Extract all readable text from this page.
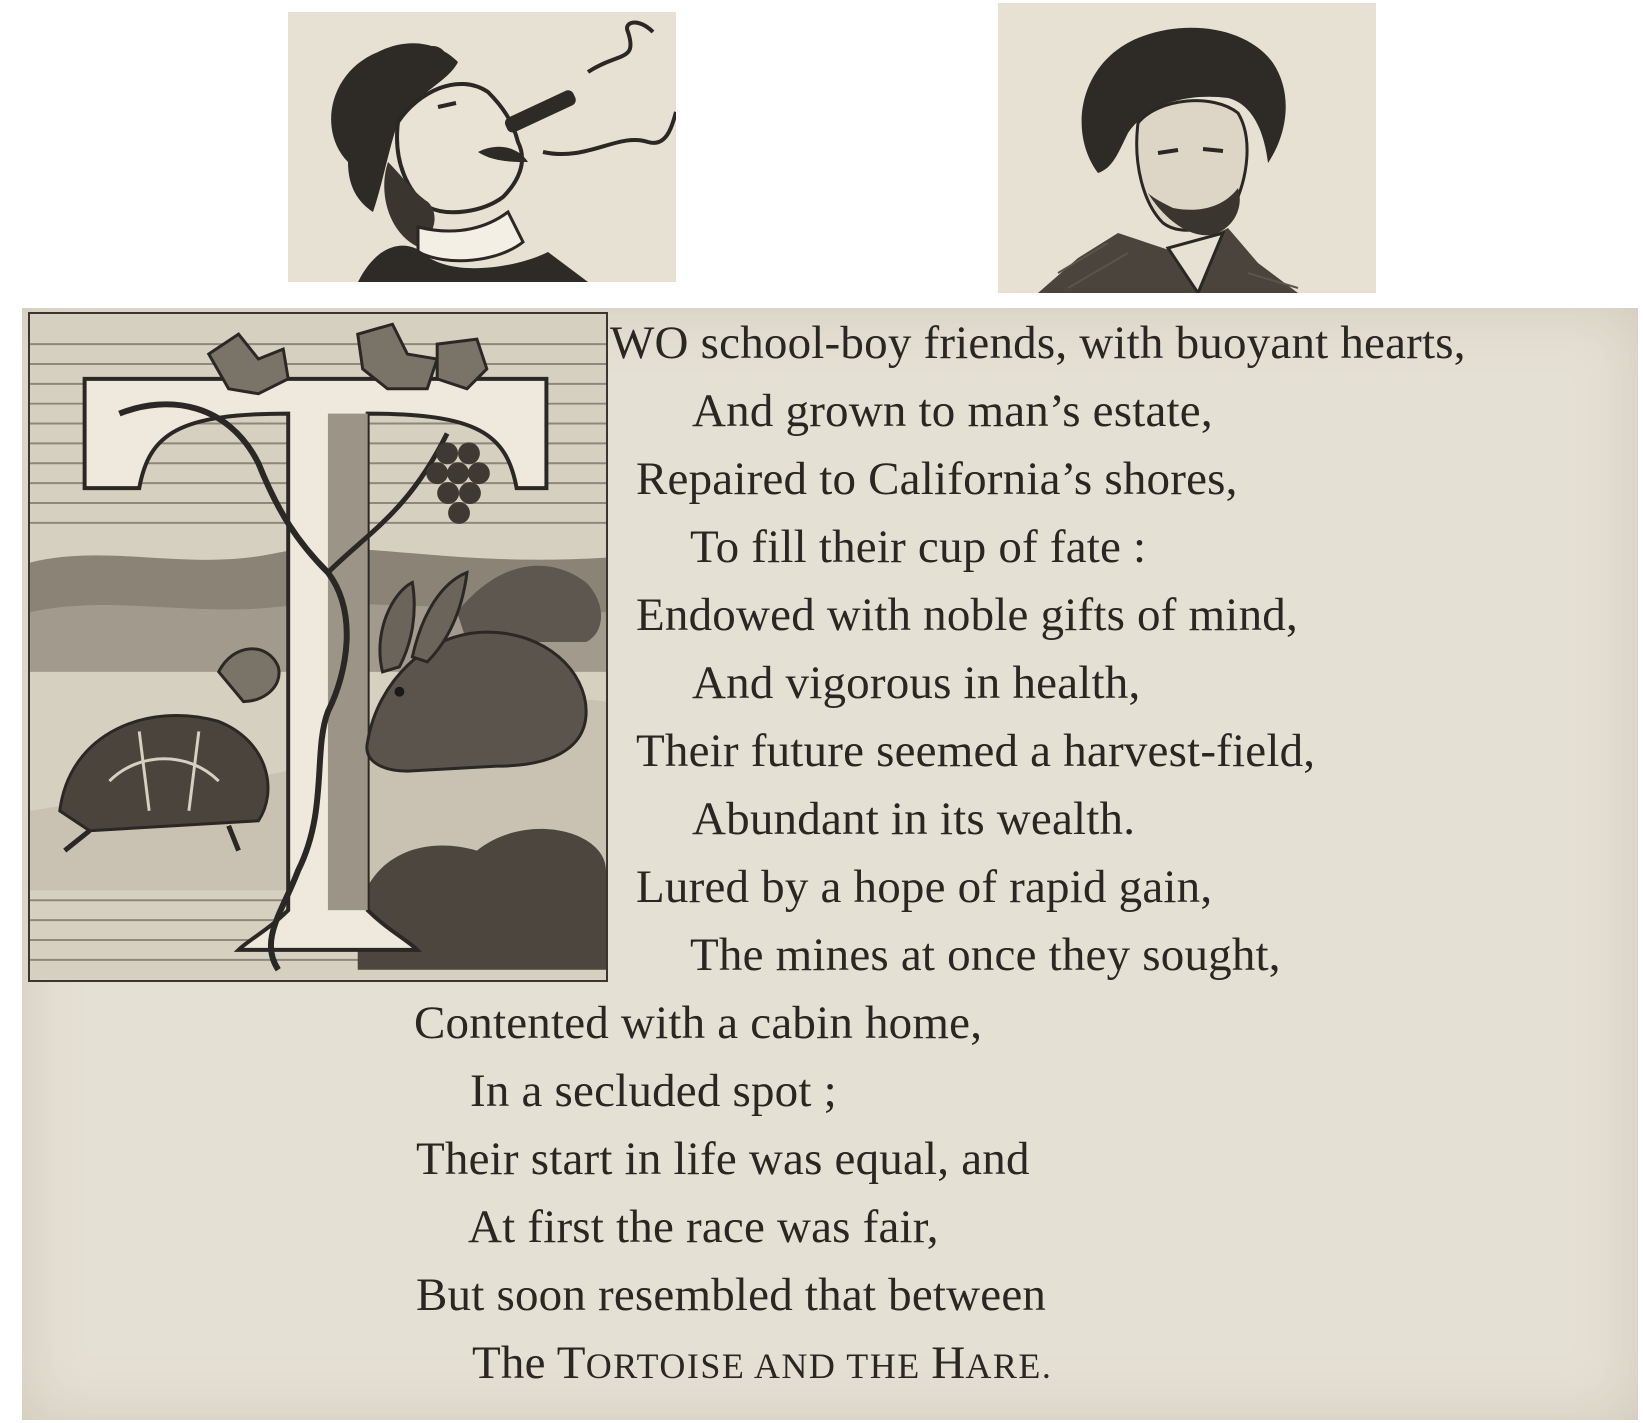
WO school-boy friends, with buoyant hearts,
And grown to man’s estate,
Repaired to California’s shores,
To fill their cup of fate :
Endowed with noble gifts of mind,
And vigorous in health,
Their future seemed a harvest-field,
Abundant in its wealth.
Lured by a hope of rapid gain,
The mines at once they sought,
Contented with a cabin home,
In a secluded spot ;
Their start in life was equal, and
At first the race was fair,
But soon resembled that between
The TORTOISE AND THE HARE.
